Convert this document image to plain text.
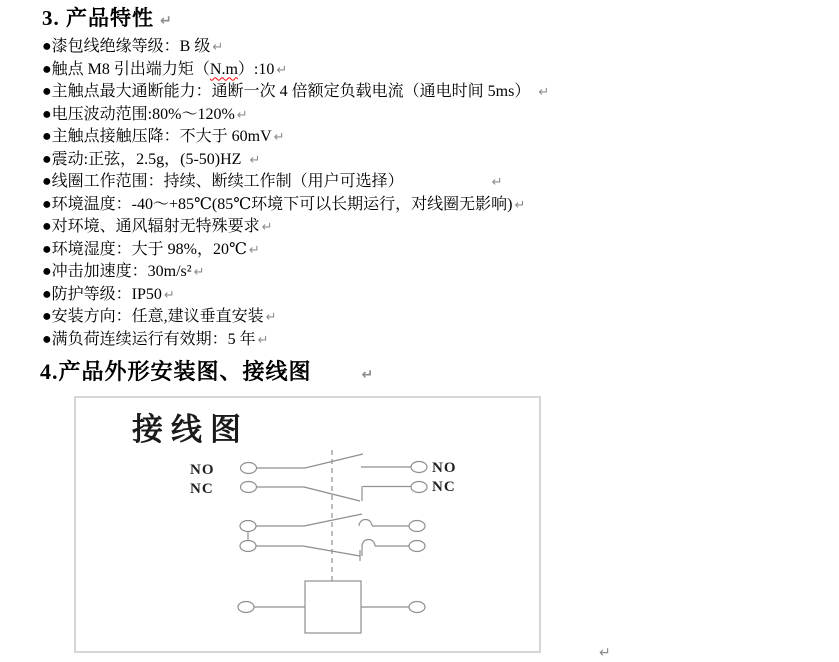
3. 产品特性 ↵
●漆包线绝缘等级：B 级 ↵
●触点 M8 引出端力矩（N.m）:10 ↵
●主触点最大通断能力：通断一次 4 倍额定负载电流（通电时间 5ms） ↵
●电压波动范围:80%～120% ↵
●主触点接触压降：不大于 60mV ↵
●震动:正弦，2.5g，(5-50)HZ ↵
●线圈工作范围：持续、断续工作制（用户可选择）	↵
●环境温度：-40～+85℃(85℃环境下可以长期运行，对线圈无影响) ↵
●对环境、通风辐射无特殊要求 ↵
●环境湿度：大于 98%，20℃ ↵
●冲击加速度：30m/s² ↵
●防护等级：IP50 ↵
●安装方向：任意,建议垂直安装 ↵
●满负荷连续运行有效期：5 年 ↵
4.产品外形安装图、接线图	↵
接线图
NO
NC
NO
NC
↵
